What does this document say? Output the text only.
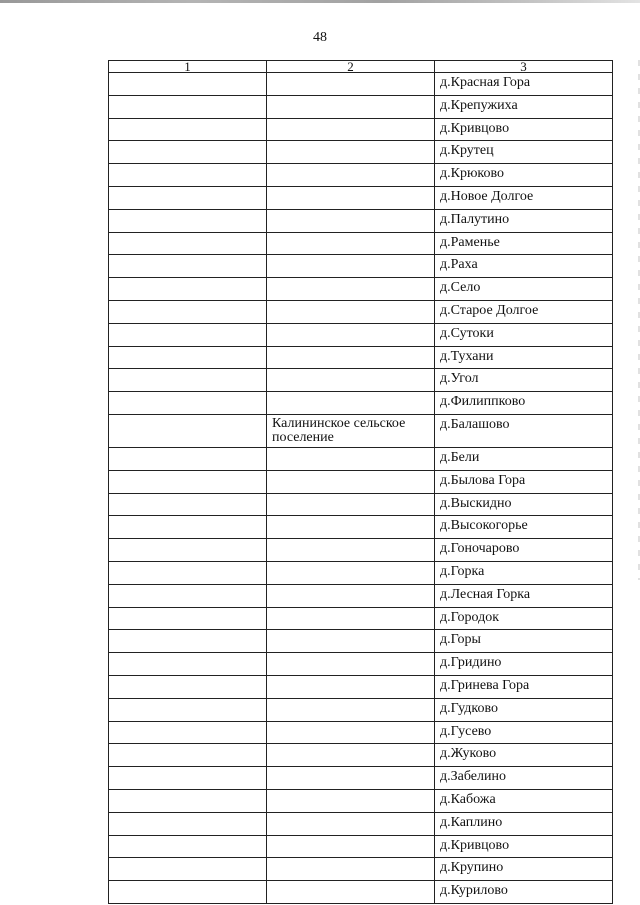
48
1	2	3
		д.Красная Гора
		д.Крепужиха
		д.Кривцово
		д.Крутец
		д.Крюково
		д.Новое Долгое
		д.Палутино
		д.Раменье
		д.Раха
		д.Село
		д.Старое Долгое
		д.Сутоки
		д.Тухани
		д.Угол
		д.Филиппково
	Калининское сельское поселение	д.Балашово
		д.Бели
		д.Былова Гора
		д.Выскидно
		д.Высокогорье
		д.Гоночарово
		д.Горка
		д.Лесная Горка
		д.Городок
		д.Горы
		д.Гридино
		д.Гринева Гора
		д.Гудково
		д.Гусево
		д.Жуково
		д.Забелино
		д.Кабожа
		д.Каплино
		д.Кривцово
		д.Крупино
		д.Курилово
